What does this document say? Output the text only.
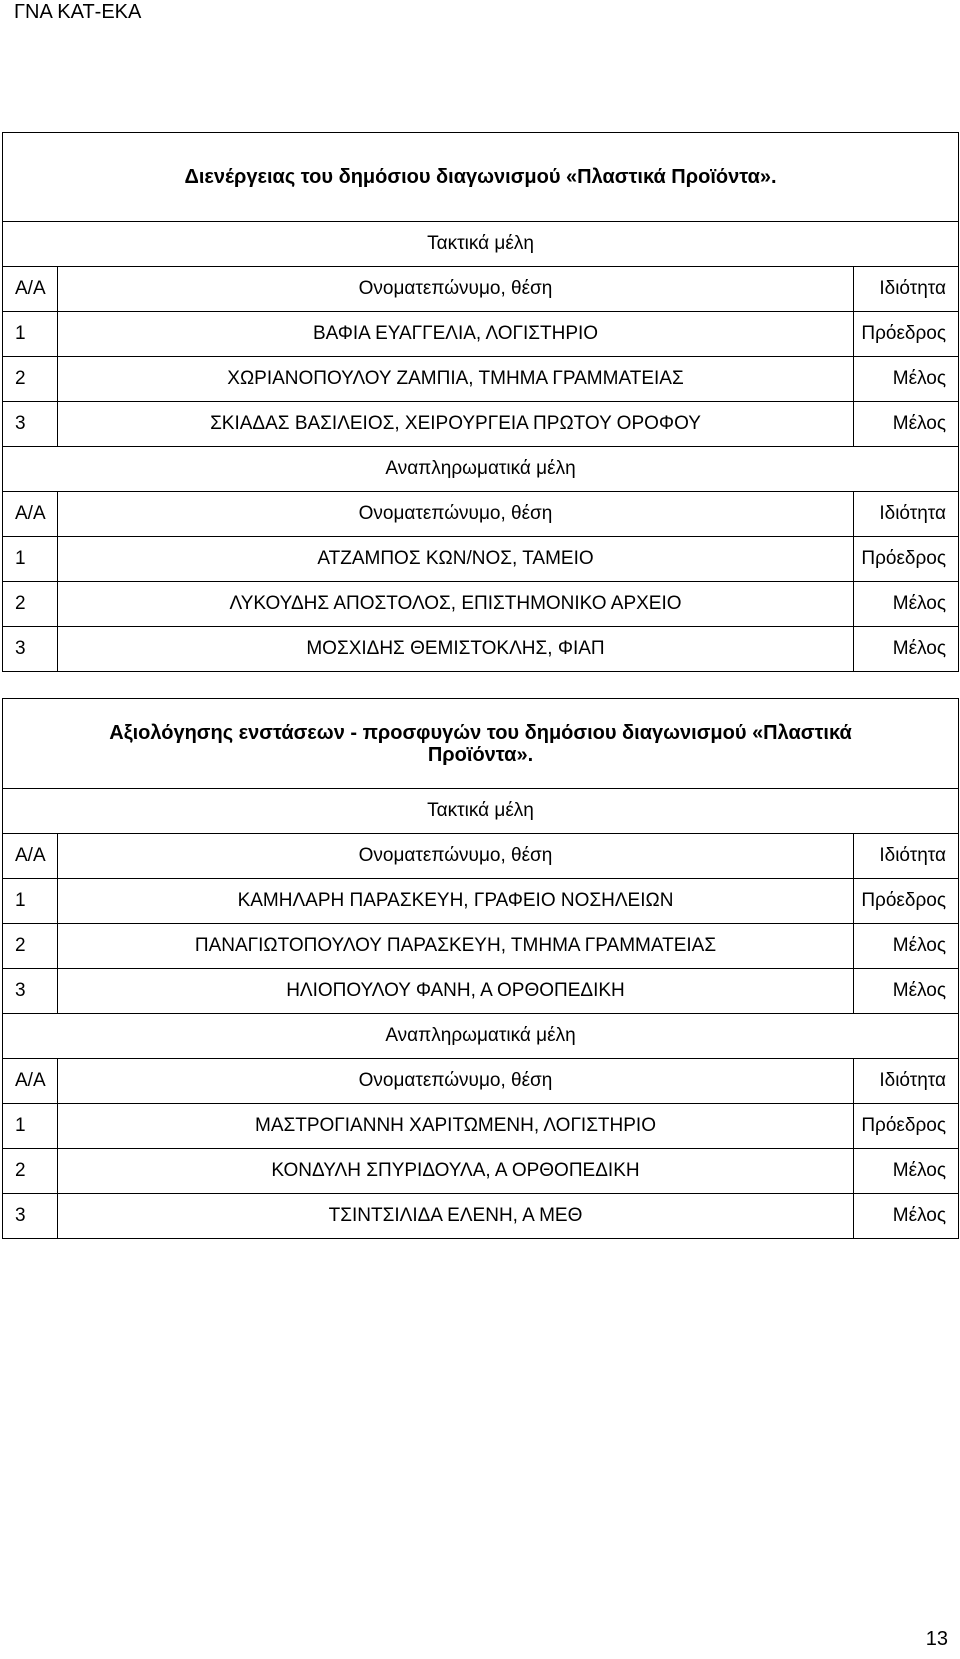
ΓΝΑ ΚΑΤ-ΕΚΑ
Διενέργειας του δημόσιου διαγωνισμού «Πλαστικά Προϊόντα».		
Τακτικά μέλη		
Α/Α	Ονοματεπώνυμο, θέση	Ιδιότητα
1	ΒΑΦΙΑ ΕΥΑΓΓΕΛΙΑ, ΛΟΓΙΣΤΗΡΙΟ	Πρόεδρος
2	ΧΩΡΙΑΝΟΠΟΥΛΟΥ ΖΑΜΠΙΑ, ΤΜΗΜΑ ΓΡΑΜΜΑΤΕΙΑΣ	Μέλος
3	ΣΚΙΑΔΑΣ ΒΑΣΙΛΕΙΟΣ, ΧΕΙΡΟΥΡΓΕΙΑ ΠΡΩΤΟΥ ΟΡΟΦΟΥ	Μέλος
Αναπληρωματικά μέλη		
Α/Α	Ονοματεπώνυμο, θέση	Ιδιότητα
1	ΑΤΖΑΜΠΟΣ ΚΩΝ/ΝΟΣ, ΤΑΜΕΙΟ	Πρόεδρος
2	ΛΥΚΟΥΔΗΣ ΑΠΟΣΤΟΛΟΣ, ΕΠΙΣΤΗΜΟΝΙΚΟ ΑΡΧΕΙΟ	Μέλος
3	ΜΟΣΧΙΔΗΣ ΘΕΜΙΣΤΟΚΛΗΣ, ΦΙΑΠ	Μέλος
Αξιολόγησης ενστάσεων - προσφυγών του δημόσιου διαγωνισμού «Πλαστικά
Προϊόντα».		

Τακτικά μέλη		
Α/Α	Ονοματεπώνυμο, θέση	Ιδιότητα
1	ΚΑΜΗΛΑΡΗ ΠΑΡΑΣΚΕΥΗ, ΓΡΑΦΕΙΟ ΝΟΣΗΛΕΙΩΝ	Πρόεδρος
2	ΠΑΝΑΓΙΩΤΟΠΟΥΛΟΥ ΠΑΡΑΣΚΕΥΗ, ΤΜΗΜΑ ΓΡΑΜΜΑΤΕΙΑΣ	Μέλος
3	ΗΛΙΟΠΟΥΛΟΥ ΦΑΝΗ, Α ΟΡΘΟΠΕΔΙΚΗ	Μέλος
Αναπληρωματικά μέλη		
Α/Α	Ονοματεπώνυμο, θέση	Ιδιότητα
1	ΜΑΣΤΡΟΓΙΑΝΝΗ ΧΑΡΙΤΩΜΕΝΗ, ΛΟΓΙΣΤΗΡΙΟ	Πρόεδρος
2	ΚΟΝΔΥΛΗ ΣΠΥΡΙΔΟΥΛΑ, Α ΟΡΘΟΠΕΔΙΚΗ	Μέλος
3	ΤΣΙΝΤΣΙΛΙΔΑ ΕΛΕΝΗ, Α ΜΕΘ	Μέλος
13
